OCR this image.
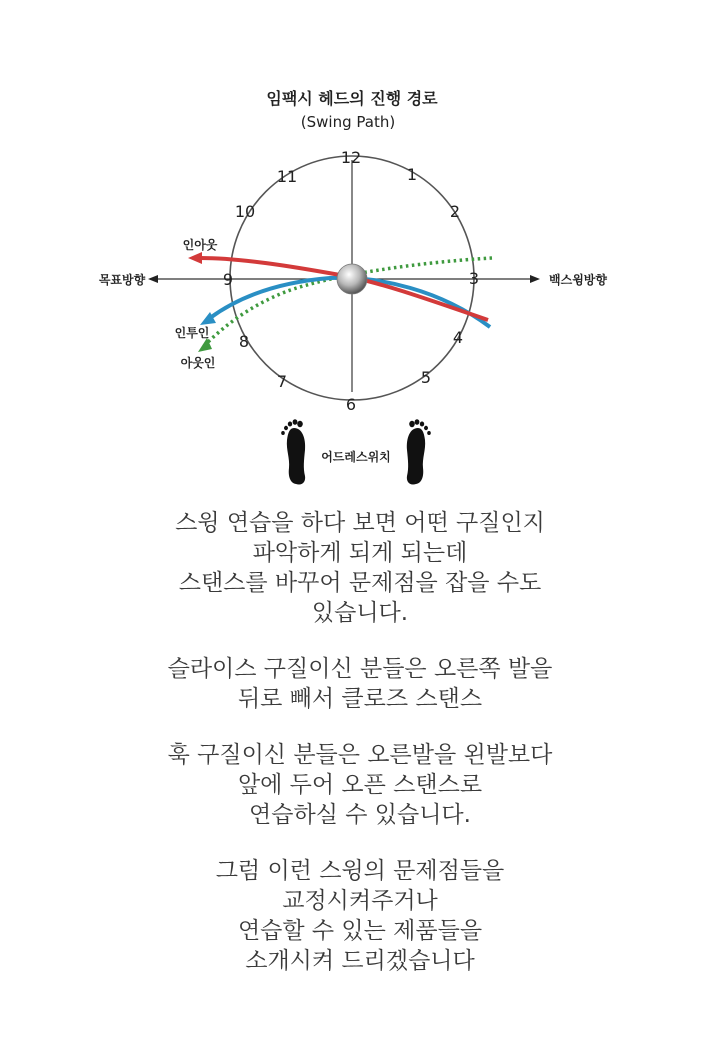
임팩시 헤드의 진행 경로
(Swing Path)
목표방향	백스윙방향
12
1
2
3
4
5
6
7
8
9
10
11
인아웃
인투인
아웃인
어드레스위치

스윙 연습을 하다 보면 어떤 구질인지
파악하게 되게 되는데
스탠스를 바꾸어 문제점을 잡을 수도
있습니다.

슬라이스 구질이신 분들은 오른쪽 발을
뒤로 빼서 클로즈 스탠스

훅 구질이신 분들은 오른발을 왼발보다
앞에 두어 오픈 스탠스로
연습하실 수 있습니다.

그럼 이런 스윙의 문제점들을
교정시켜주거나
연습할 수 있는 제품들을
소개시켜 드리겠습니다
